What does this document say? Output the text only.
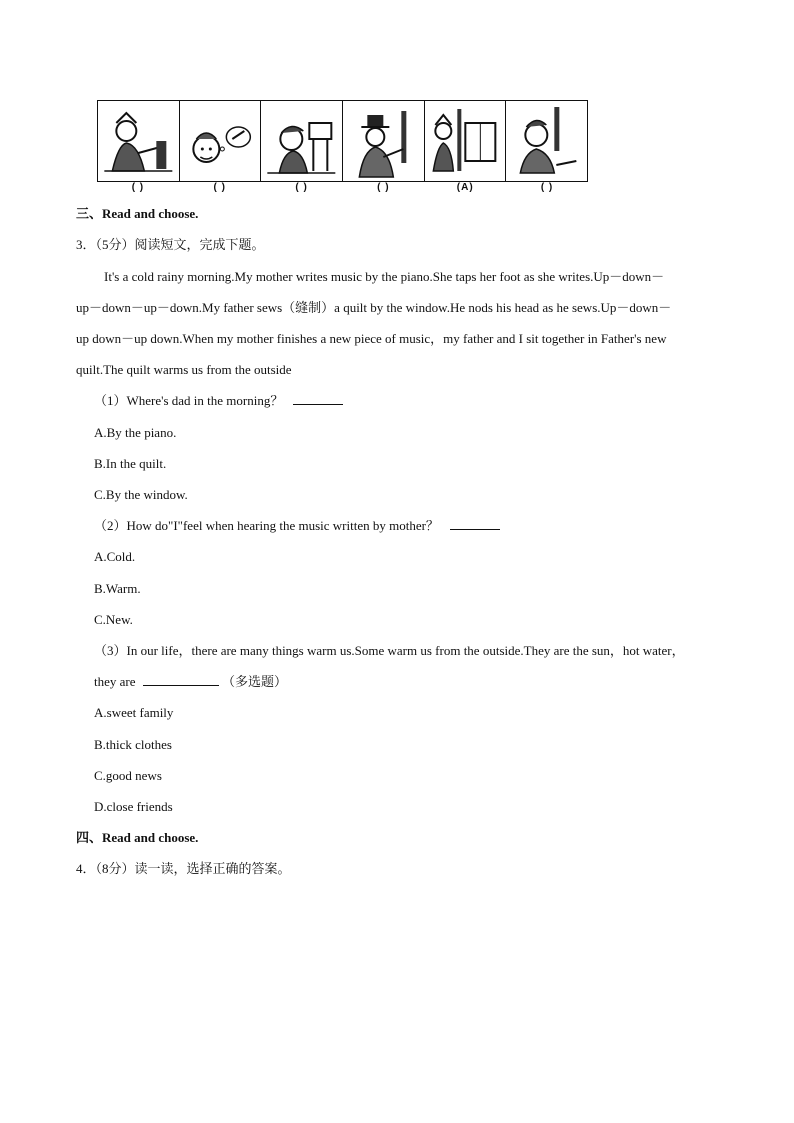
( )	( )	( )	( )	(A)	( )
三、Read and choose.
3．（5分）阅读短文，完成下题。
It's a cold rainy morning.My mother writes music by the piano.She taps her foot as she writes.Up－down－
up－down－up－down.My father sews（缝制）a quilt by the window.He nods his head as he sews.Up－down－
up down－up down.When my mother finishes a new piece of music，my father and I sit together in Father's new
quilt.The quilt warms us from the outside
（1）Where's dad in the morning？
A.By the piano.
B.In the quilt.
C.By the window.
（2）How do"I"feel when hearing the music written by mother？
A.Cold.
B.Warm.
C.New.
（3）In our life，there are many things warm us.Some warm us from the outside.They are the sun，hot water，
they are	（多选题）
A.sweet family
B.thick clothes
C.good news
D.close friends
四、Read and choose.
4．（8分）读一读，选择正确的答案。
